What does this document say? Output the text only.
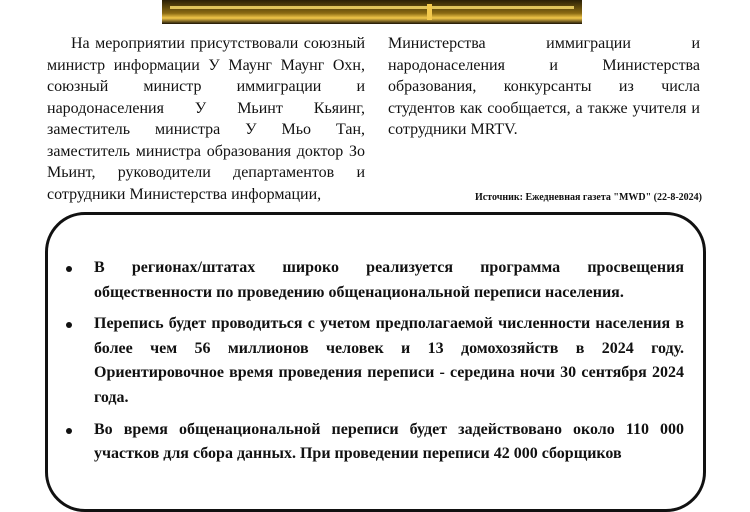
На мероприятии присутствовали союзный министр информации У Маунг Маунг Охн, союзный министр иммиграции и народонаселения У Мьинт Кьяинг, заместитель министра У Мьо Тан, заместитель министра образования доктор Зо Мьинт, руководители департаментов и сотрудники Министерства информации,

Министерства иммиграции и народонаселения и Министерства образования, конкурсанты из числа студентов как сообщается, а также учителя и сотрудники MRTV.

Источник: Ежедневная газета "MWD" (22-8-2024)
В регионах/штатах широко реализуется программа просвещения общественности по проведению общенациональной переписи населения.
Перепись будет проводиться с учетом предполагаемой численности населения в более чем 56 миллионов человек и 13 домохозяйств в 2024 году. Ориентировочное время проведения переписи - середина ночи 30 сентября 2024 года.
Во время общенациональной переписи будет задействовано около 110 000 участков для сбора данных. При проведении переписи 42 000 сборщиков
